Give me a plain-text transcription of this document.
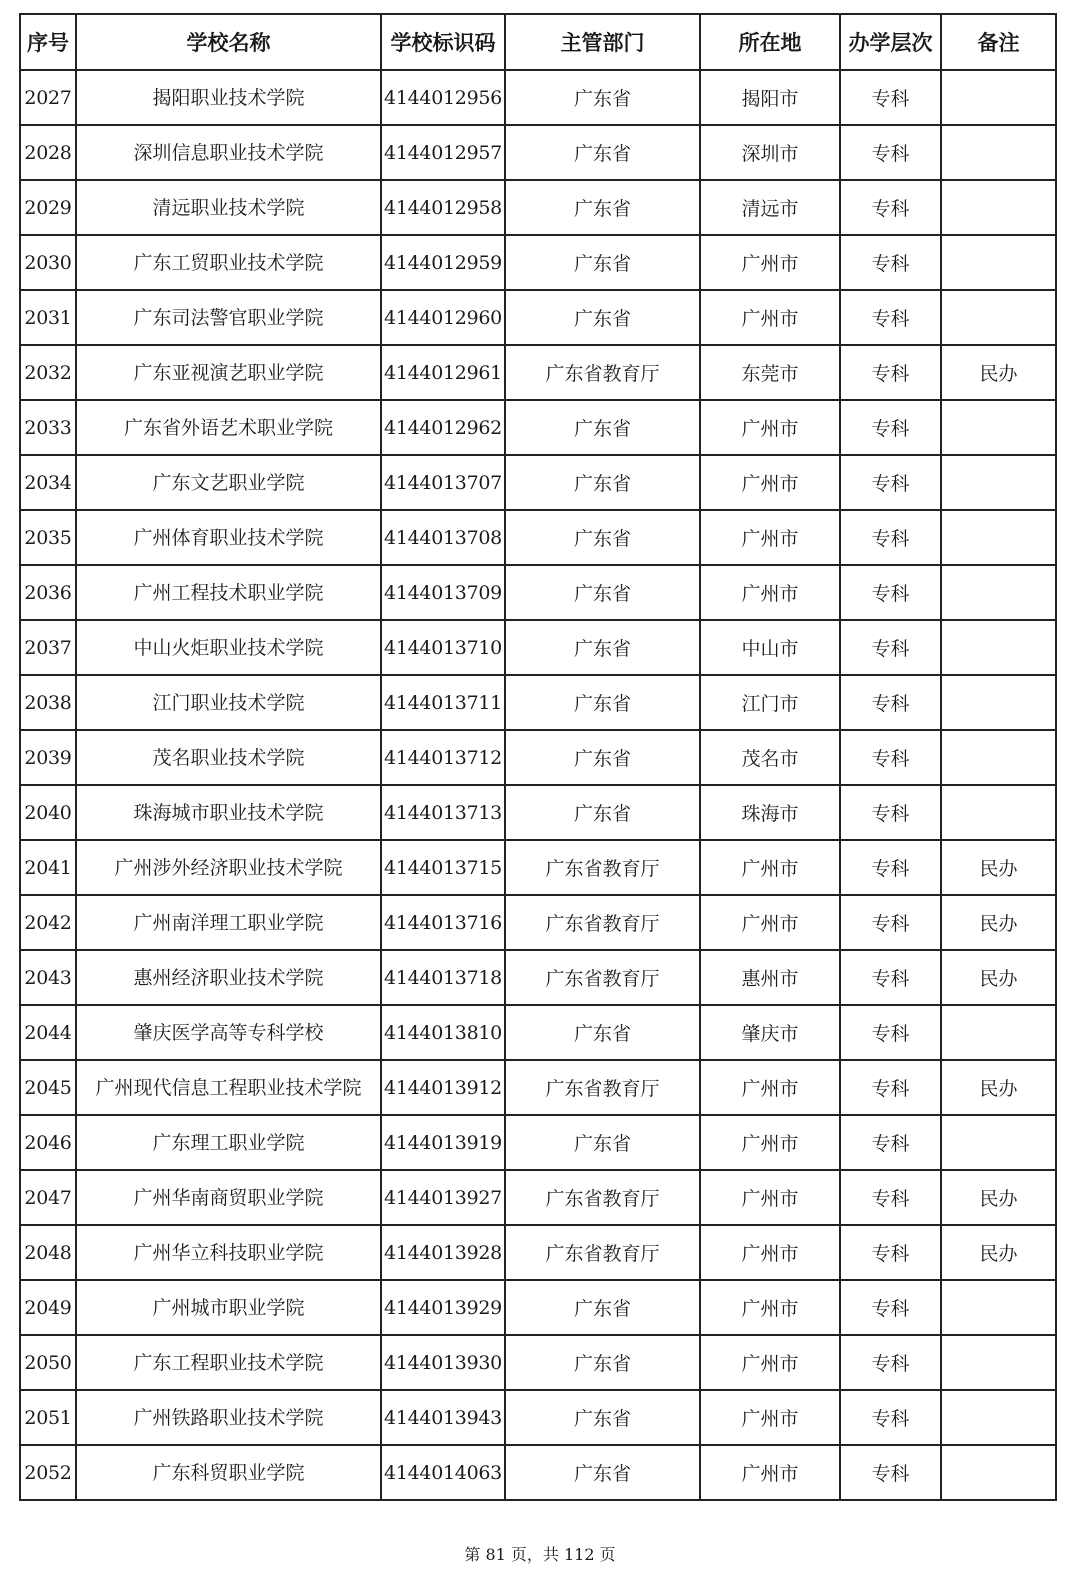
序号	学校名称	学校标识码	主管部门	所在地	办学层次	备注
2027	揭阳职业技术学院	4144012956	广东省	揭阳市	专科	
2028	深圳信息职业技术学院	4144012957	广东省	深圳市	专科	
2029	清远职业技术学院	4144012958	广东省	清远市	专科	
2030	广东工贸职业技术学院	4144012959	广东省	广州市	专科	
2031	广东司法警官职业学院	4144012960	广东省	广州市	专科	
2032	广东亚视演艺职业学院	4144012961	广东省教育厅	东莞市	专科	民办
2033	广东省外语艺术职业学院	4144012962	广东省	广州市	专科	
2034	广东文艺职业学院	4144013707	广东省	广州市	专科	
2035	广州体育职业技术学院	4144013708	广东省	广州市	专科	
2036	广州工程技术职业学院	4144013709	广东省	广州市	专科	
2037	中山火炬职业技术学院	4144013710	广东省	中山市	专科	
2038	江门职业技术学院	4144013711	广东省	江门市	专科	
2039	茂名职业技术学院	4144013712	广东省	茂名市	专科	
2040	珠海城市职业技术学院	4144013713	广东省	珠海市	专科	
2041	广州涉外经济职业技术学院	4144013715	广东省教育厅	广州市	专科	民办
2042	广州南洋理工职业学院	4144013716	广东省教育厅	广州市	专科	民办
2043	惠州经济职业技术学院	4144013718	广东省教育厅	惠州市	专科	民办
2044	肇庆医学高等专科学校	4144013810	广东省	肇庆市	专科	
2045	广州现代信息工程职业技术学院	4144013912	广东省教育厅	广州市	专科	民办
2046	广东理工职业学院	4144013919	广东省	广州市	专科	
2047	广州华南商贸职业学院	4144013927	广东省教育厅	广州市	专科	民办
2048	广州华立科技职业学院	4144013928	广东省教育厅	广州市	专科	民办
2049	广州城市职业学院	4144013929	广东省	广州市	专科	
2050	广东工程职业技术学院	4144013930	广东省	广州市	专科	
2051	广州铁路职业技术学院	4144013943	广东省	广州市	专科	
2052	广东科贸职业学院	4144014063	广东省	广州市	专科	
第 81 页，共 112 页
